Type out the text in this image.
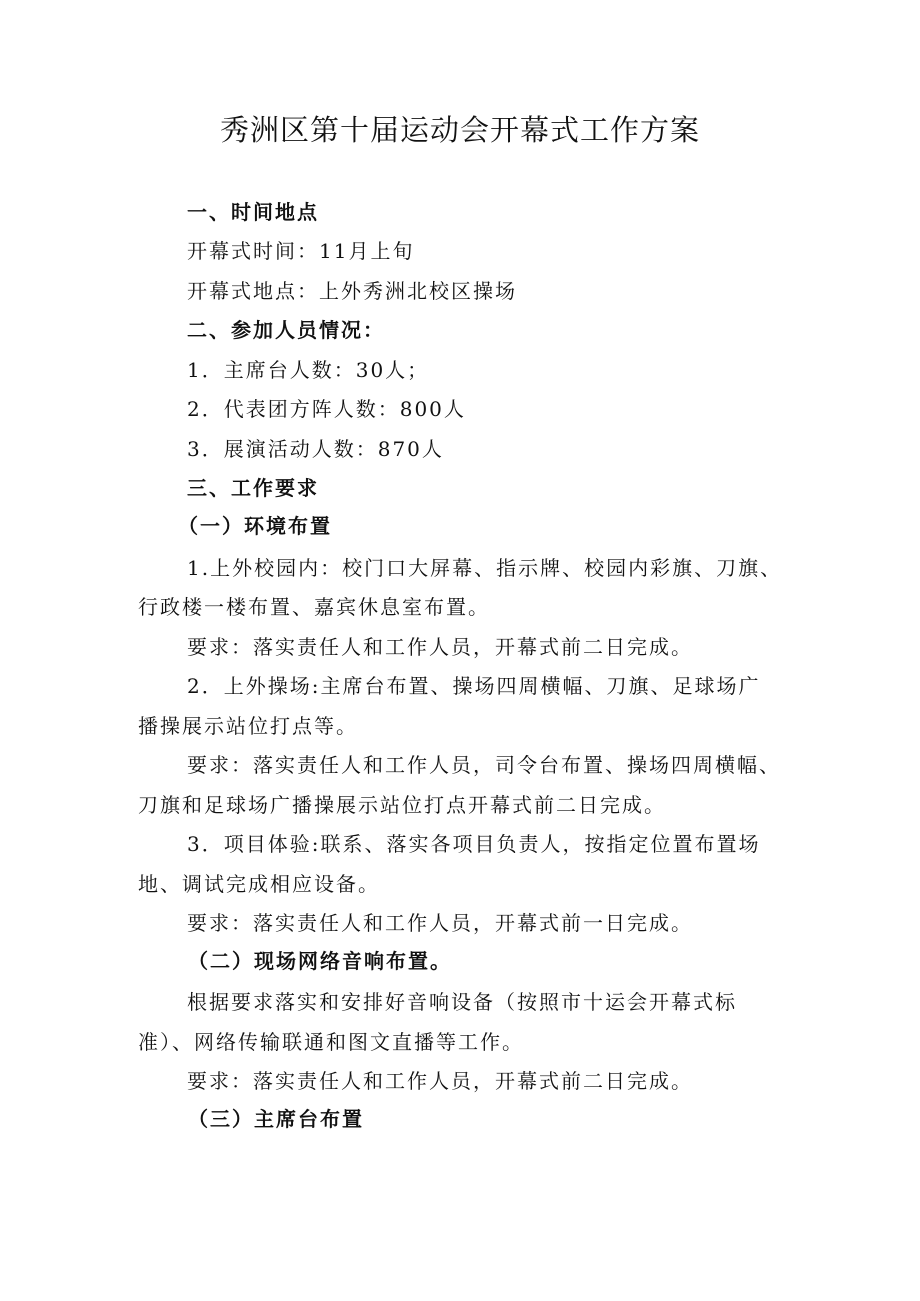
秀洲区第十届运动会开幕式工作方案
一、时间地点
开幕式时间：11月上旬
开幕式地点：上外秀洲北校区操场
二、参加人员情况：
1．主席台人数：30人；
2．代表团方阵人数：800人
3．展演活动人数：870人
三、工作要求
（一）环境布置
1.上外校园内：校门口大屏幕、指示牌、校园内彩旗、刀旗、
行政楼一楼布置、嘉宾休息室布置。
要求：落实责任人和工作人员，开幕式前二日完成。
2．上外操场:主席台布置、操场四周横幅、刀旗、足球场广
播操展示站位打点等。
要求：落实责任人和工作人员，司令台布置、操场四周横幅、
刀旗和足球场广播操展示站位打点开幕式前二日完成。
3．项目体验:联系、落实各项目负责人，按指定位置布置场
地、调试完成相应设备。
要求：落实责任人和工作人员，开幕式前一日完成。
（二）现场网络音响布置。
根据要求落实和安排好音响设备（按照市十运会开幕式标
准）、网络传输联通和图文直播等工作。
要求：落实责任人和工作人员，开幕式前二日完成。
（三）主席台布置
